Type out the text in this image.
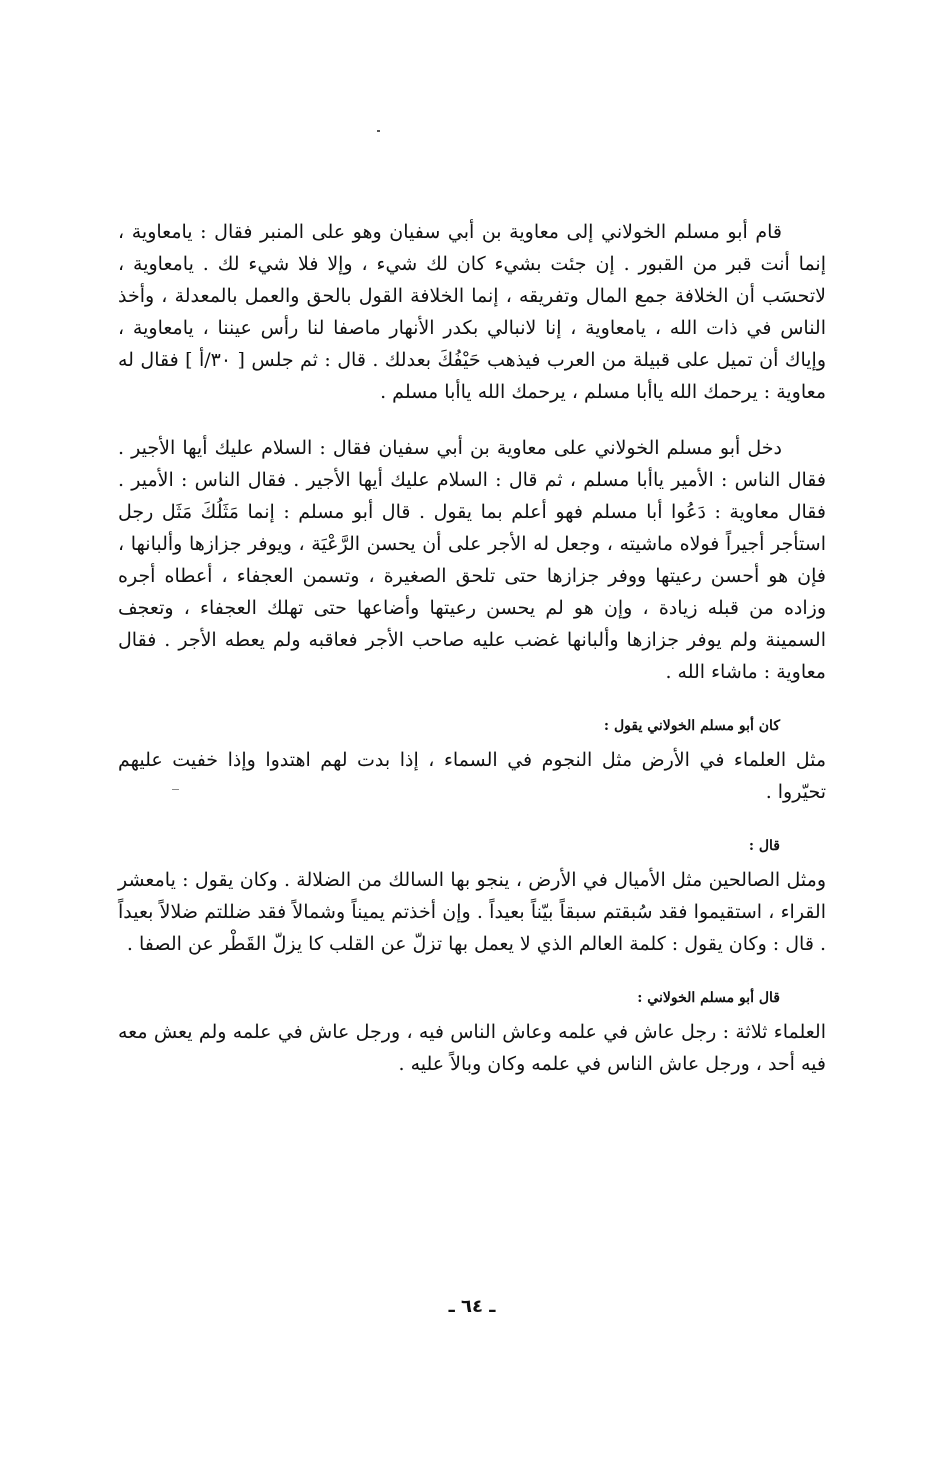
قام أبو مسلم الخولاني إلى معاوية بن أبي سفيان وهو على المنبر فقال : يامعاوية ، إنما أنت قبر من القبور . إن جئت بشيء كان لك شيء ، وإلا فلا شيء لك . يامعاوية ، لاتحسَب أن الخلافة جمع المال وتفريقه ، إنما الخلافة القول بالحق والعمل بالمعدلة ، وأخذ الناس في ذات الله ، يامعاوية ، إنا لانبالي بكدر الأنهار ماصفا لنا رأس عيننا ، يامعاوية ، وإياك أن تميل على قبيلة من العرب فيذهب حَيْفُكَ بعدلك . قال : ثم جلس [ ٣٠/أ ] فقال له معاوية : يرحمك الله ياأبا مسلم ، يرحمك الله ياأبا مسلم .

دخل أبو مسلم الخولاني على معاوية بن أبي سفيان فقال : السلام عليك أيها الأجير . فقال الناس : الأمير ياأبا مسلم ، ثم قال : السلام عليك أيها الأجير . فقال الناس : الأمير . فقال معاوية : دَعُوا أبا مسلم فهو أعلم بما يقول . قال أبو مسلم : إنما مَثَلُكَ مَثَل رجل استأجر أجيراً فولاه ماشيته ، وجعل له الأجر على أن يحسن الرَّعْيَة ، ويوفر جزازها وألبانها ، فإن هو أحسن رعيتها ووفر جزازها حتى تلحق الصغيرة ، وتسمن العجفاء ، أعطاه أجره وزاده من قبله زيادة ، وإن هو لم يحسن رعيتها وأضاعها حتى تهلك العجفاء ، وتعجف السمينة ولم يوفر جزازها وألبانها غضب عليه صاحب الأجر فعاقبه ولم يعطه الأجر . فقال معاوية : ماشاء الله .

كان أبو مسلم الخولاني يقول :

مثل العلماء في الأرض مثل النجوم في السماء ، إذا بدت لهم اهتدوا وإذا خفيت عليهم تحيّروا .

قال :

ومثل الصالحين مثل الأميال في الأرض ، ينجو بها السالك من الضلالة . وكان يقول : يامعشر القراء ، استقيموا فقد سُبقتم سبقاً بيّناً بعيداً . وإن أخذتم يميناً وشمالاً فقد ضللتم ضلالاً بعيداً . قال : وكان يقول : كلمة العالم الذي لا يعمل بها تزلّ عن القلب كا يزلّ القَطْر عن الصفا .

قال أبو مسلم الخولاني :

العلماء ثلاثة : رجل عاش في علمه وعاش الناس فيه ، ورجل عاش في علمه ولم يعش معه فيه أحد ، ورجل عاش الناس في علمه وكان وبالاً عليه .

ـ ٦٤ ـ
